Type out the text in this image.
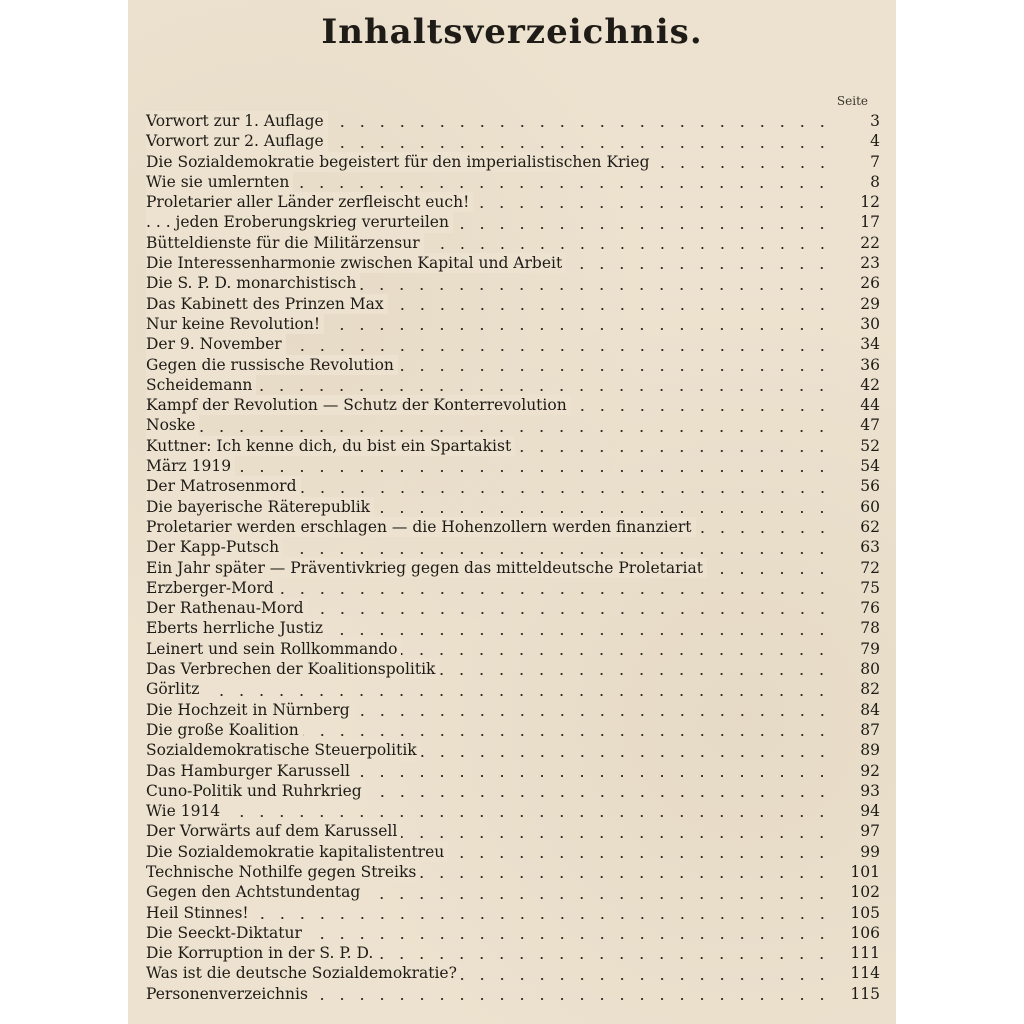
Inhaltsverzeichnis.
Seite
Vorwort zur 1. Auflage	3
Vorwort zur 2. Auflage	4
Die Sozialdemokratie begeistert für den imperialistischen Krieg	7
Wie sie umlernten	8
Proletarier aller Länder zerfleischt euch!	12
. . . jeden Eroberungskrieg verurteilen	17
Bütteldienste für die Militärzensur	22
Die Interessenharmonie zwischen Kapital und Arbeit	23
Die S. P. D. monarchistisch	26
Das Kabinett des Prinzen Max	29
Nur keine Revolution!	30
Der 9. November	34
Gegen die russische Revolution	36
Scheidemann	42
Kampf der Revolution — Schutz der Konterrevolution	44
Noske	47
Kuttner: Ich kenne dich, du bist ein Spartakist	52
März 1919	54
Der Matrosenmord	56
Die bayerische Räterepublik	60
Proletarier werden erschlagen — die Hohenzollern werden finanziert	62
Der Kapp-Putsch	63
Ein Jahr später — Präventivkrieg gegen das mitteldeutsche Proletariat	72
Erzberger-Mord	75
Der Rathenau-Mord	76
Eberts herrliche Justiz	78
Leinert und sein Rollkommando	79
Das Verbrechen der Koalitionspolitik	80
Görlitz	82
Die Hochzeit in Nürnberg	84
Die große Koalition	87
Sozialdemokratische Steuerpolitik	89
Das Hamburger Karussell	92
Cuno-Politik und Ruhrkrieg	93
Wie 1914	94
Der Vorwärts auf dem Karussell	97
Die Sozialdemokratie kapitalistentreu	99
Technische Nothilfe gegen Streiks	101
Gegen den Achtstundentag	102
Heil Stinnes!	105
Die Seeckt-Diktatur	106
Die Korruption in der S. P. D.	111
Was ist die deutsche Sozialdemokratie?	114
Personenverzeichnis	115
